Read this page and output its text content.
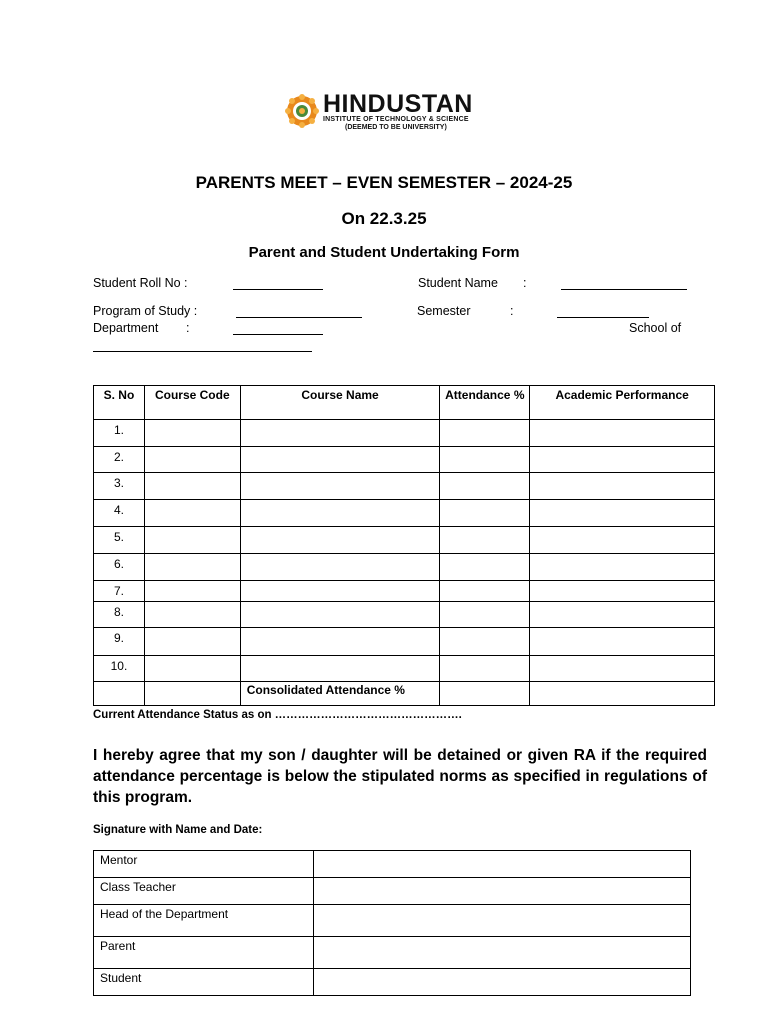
HINDUSTAN
INSTITUTE OF TECHNOLOGY & SCIENCE
(DEEMED TO BE UNIVERSITY)
PARENTS MEET – EVEN SEMESTER – 2024-25
On 22.3.25
Parent and Student Undertaking Form
Student Roll No :	Student Name :
Program of Study :	Semester	:
Department :	School of
S. No	Course Code	Course Name	Attendance %	Academic Performance
1.				
2.				
3.				
4.				
5.				
6.				
7.				
8.				
9.				
10.				
		Consolidated Attendance %		
Current Attendance Status as on ………………………………………….
I hereby agree that my son / daughter will be detained or given RA if the required attendance percentage is below the stipulated norms as specified in regulations of this program.
Signature with Name and Date:
Mentor	
Class Teacher	
Head of the Department	
Parent	
Student	
